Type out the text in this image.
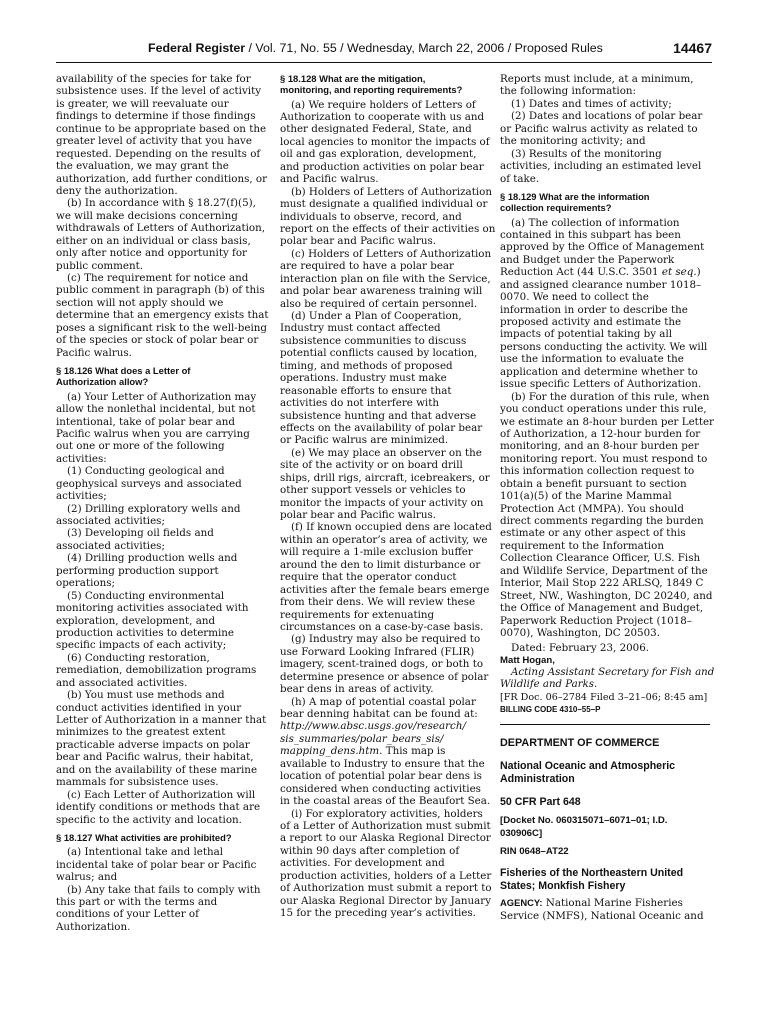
Federal Register / Vol. 71, No. 55 / Wednesday, March 22, 2006 / Proposed Rules	14467

availability of the species for take for

subsistence uses. If the level of activity

is greater, we will reevaluate our

findings to determine if those findings

continue to be appropriate based on the

greater level of activity that you have

requested. Depending on the results of

the evaluation, we may grant the

authorization, add further conditions, or

deny the authorization.

(b) In accordance with § 18.27(f)(5),

we will make decisions concerning

withdrawals of Letters of Authorization,

either on an individual or class basis,

only after notice and opportunity for

public comment.

(c) The requirement for notice and

public comment in paragraph (b) of this

section will not apply should we

determine that an emergency exists that

poses a significant risk to the well-being

of the species or stock of polar bear or

Pacific walrus.

§ 18.126 What does a Letter of
Authorization allow?

(a) Your Letter of Authorization may

allow the nonlethal incidental, but not

intentional, take of polar bear and

Pacific walrus when you are carrying

out one or more of the following

activities:

(1) Conducting geological and

geophysical surveys and associated

activities;

(2) Drilling exploratory wells and

associated activities;

(3) Developing oil fields and

associated activities;

(4) Drilling production wells and

performing production support

operations;

(5) Conducting environmental

monitoring activities associated with

exploration, development, and

production activities to determine

specific impacts of each activity;

(6) Conducting restoration,

remediation, demobilization programs

and associated activities.

(b) You must use methods and

conduct activities identified in your

Letter of Authorization in a manner that

minimizes to the greatest extent

practicable adverse impacts on polar

bear and Pacific walrus, their habitat,

and on the availability of these marine

mammals for subsistence uses.

(c) Each Letter of Authorization will

identify conditions or methods that are

specific to the activity and location.

§ 18.127 What activities are prohibited?

(a) Intentional take and lethal

incidental take of polar bear or Pacific

walrus; and

(b) Any take that fails to comply with

this part or with the terms and

conditions of your Letter of

Authorization.

§ 18.128 What are the mitigation,
monitoring, and reporting requirements?

(a) We require holders of Letters of

Authorization to cooperate with us and

other designated Federal, State, and

local agencies to monitor the impacts of

oil and gas exploration, development,

and production activities on polar bear

and Pacific walrus.

(b) Holders of Letters of Authorization

must designate a qualified individual or

individuals to observe, record, and

report on the effects of their activities on

polar bear and Pacific walrus.

(c) Holders of Letters of Authorization

are required to have a polar bear

interaction plan on file with the Service,

and polar bear awareness training will

also be required of certain personnel.

(d) Under a Plan of Cooperation,

Industry must contact affected

subsistence communities to discuss

potential conflicts caused by location,

timing, and methods of proposed

operations. Industry must make

reasonable efforts to ensure that

activities do not interfere with

subsistence hunting and that adverse

effects on the availability of polar bear

or Pacific walrus are minimized.

(e) We may place an observer on the

site of the activity or on board drill

ships, drill rigs, aircraft, icebreakers, or

other support vessels or vehicles to

monitor the impacts of your activity on

polar bear and Pacific walrus.

(f) If known occupied dens are located

within an operator’s area of activity, we

will require a 1-mile exclusion buffer

around the den to limit disturbance or

require that the operator conduct

activities after the female bears emerge

from their dens. We will review these

requirements for extenuating

circumstances on a case-by-case basis.

(g) Industry may also be required to

use Forward Looking Infrared (FLIR)

imagery, scent-trained dogs, or both to

determine presence or absence of polar

bear dens in areas of activity.

(h) A map of potential coastal polar

bear denning habitat can be found at:

http://www.absc.usgs.gov/research/

sis_summaries/polar_bears_sis/

mapping_dens.htm. This map is

available to Industry to ensure that the

location of potential polar bear dens is

considered when conducting activities

in the coastal areas of the Beaufort Sea.

(i) For exploratory activities, holders

of a Letter of Authorization must submit

a report to our Alaska Regional Director

within 90 days after completion of

activities. For development and

production activities, holders of a Letter

of Authorization must submit a report to

our Alaska Regional Director by January

15 for the preceding year’s activities.

Reports must include, at a minimum,

the following information:

(1) Dates and times of activity;

(2) Dates and locations of polar bear

or Pacific walrus activity as related to

the monitoring activity; and

(3) Results of the monitoring

activities, including an estimated level

of take.

§ 18.129 What are the information
collection requirements?

(a) The collection of information

contained in this subpart has been

approved by the Office of Management

and Budget under the Paperwork

Reduction Act (44 U.S.C. 3501 et seq.)

and assigned clearance number 1018–

0070. We need to collect the

information in order to describe the

proposed activity and estimate the

impacts of potential taking by all

persons conducting the activity. We will

use the information to evaluate the

application and determine whether to

issue specific Letters of Authorization.

(b) For the duration of this rule, when

you conduct operations under this rule,

we estimate an 8-hour burden per Letter

of Authorization, a 12-hour burden for

monitoring, and an 8-hour burden per

monitoring report. You must respond to

this information collection request to

obtain a benefit pursuant to section

101(a)(5) of the Marine Mammal

Protection Act (MMPA). You should

direct comments regarding the burden

estimate or any other aspect of this

requirement to the Information

Collection Clearance Officer, U.S. Fish

and Wildlife Service, Department of the

Interior, Mail Stop 222 ARLSQ, 1849 C

Street, NW., Washington, DC 20240, and

the Office of Management and Budget,

Paperwork Reduction Project (1018–

0070), Washington, DC 20503.

Dated: February 23, 2006.

Matt Hogan,
Acting Assistant Secretary for Fish and
Wildlife and Parks.

[FR Doc. 06–2784 Filed 3–21–06; 8:45 am]

BILLING CODE 4310–55–P
DEPARTMENT OF COMMERCE
National Oceanic and Atmospheric
Administration
50 CFR Part 648
[Docket No. 060315071–6071–01; I.D.
030906C]
RIN 0648–AT22
Fisheries of the Northeastern United
States; Monkfish Fishery

AGENCY: National Marine Fisheries

Service (NMFS), National Oceanic and
